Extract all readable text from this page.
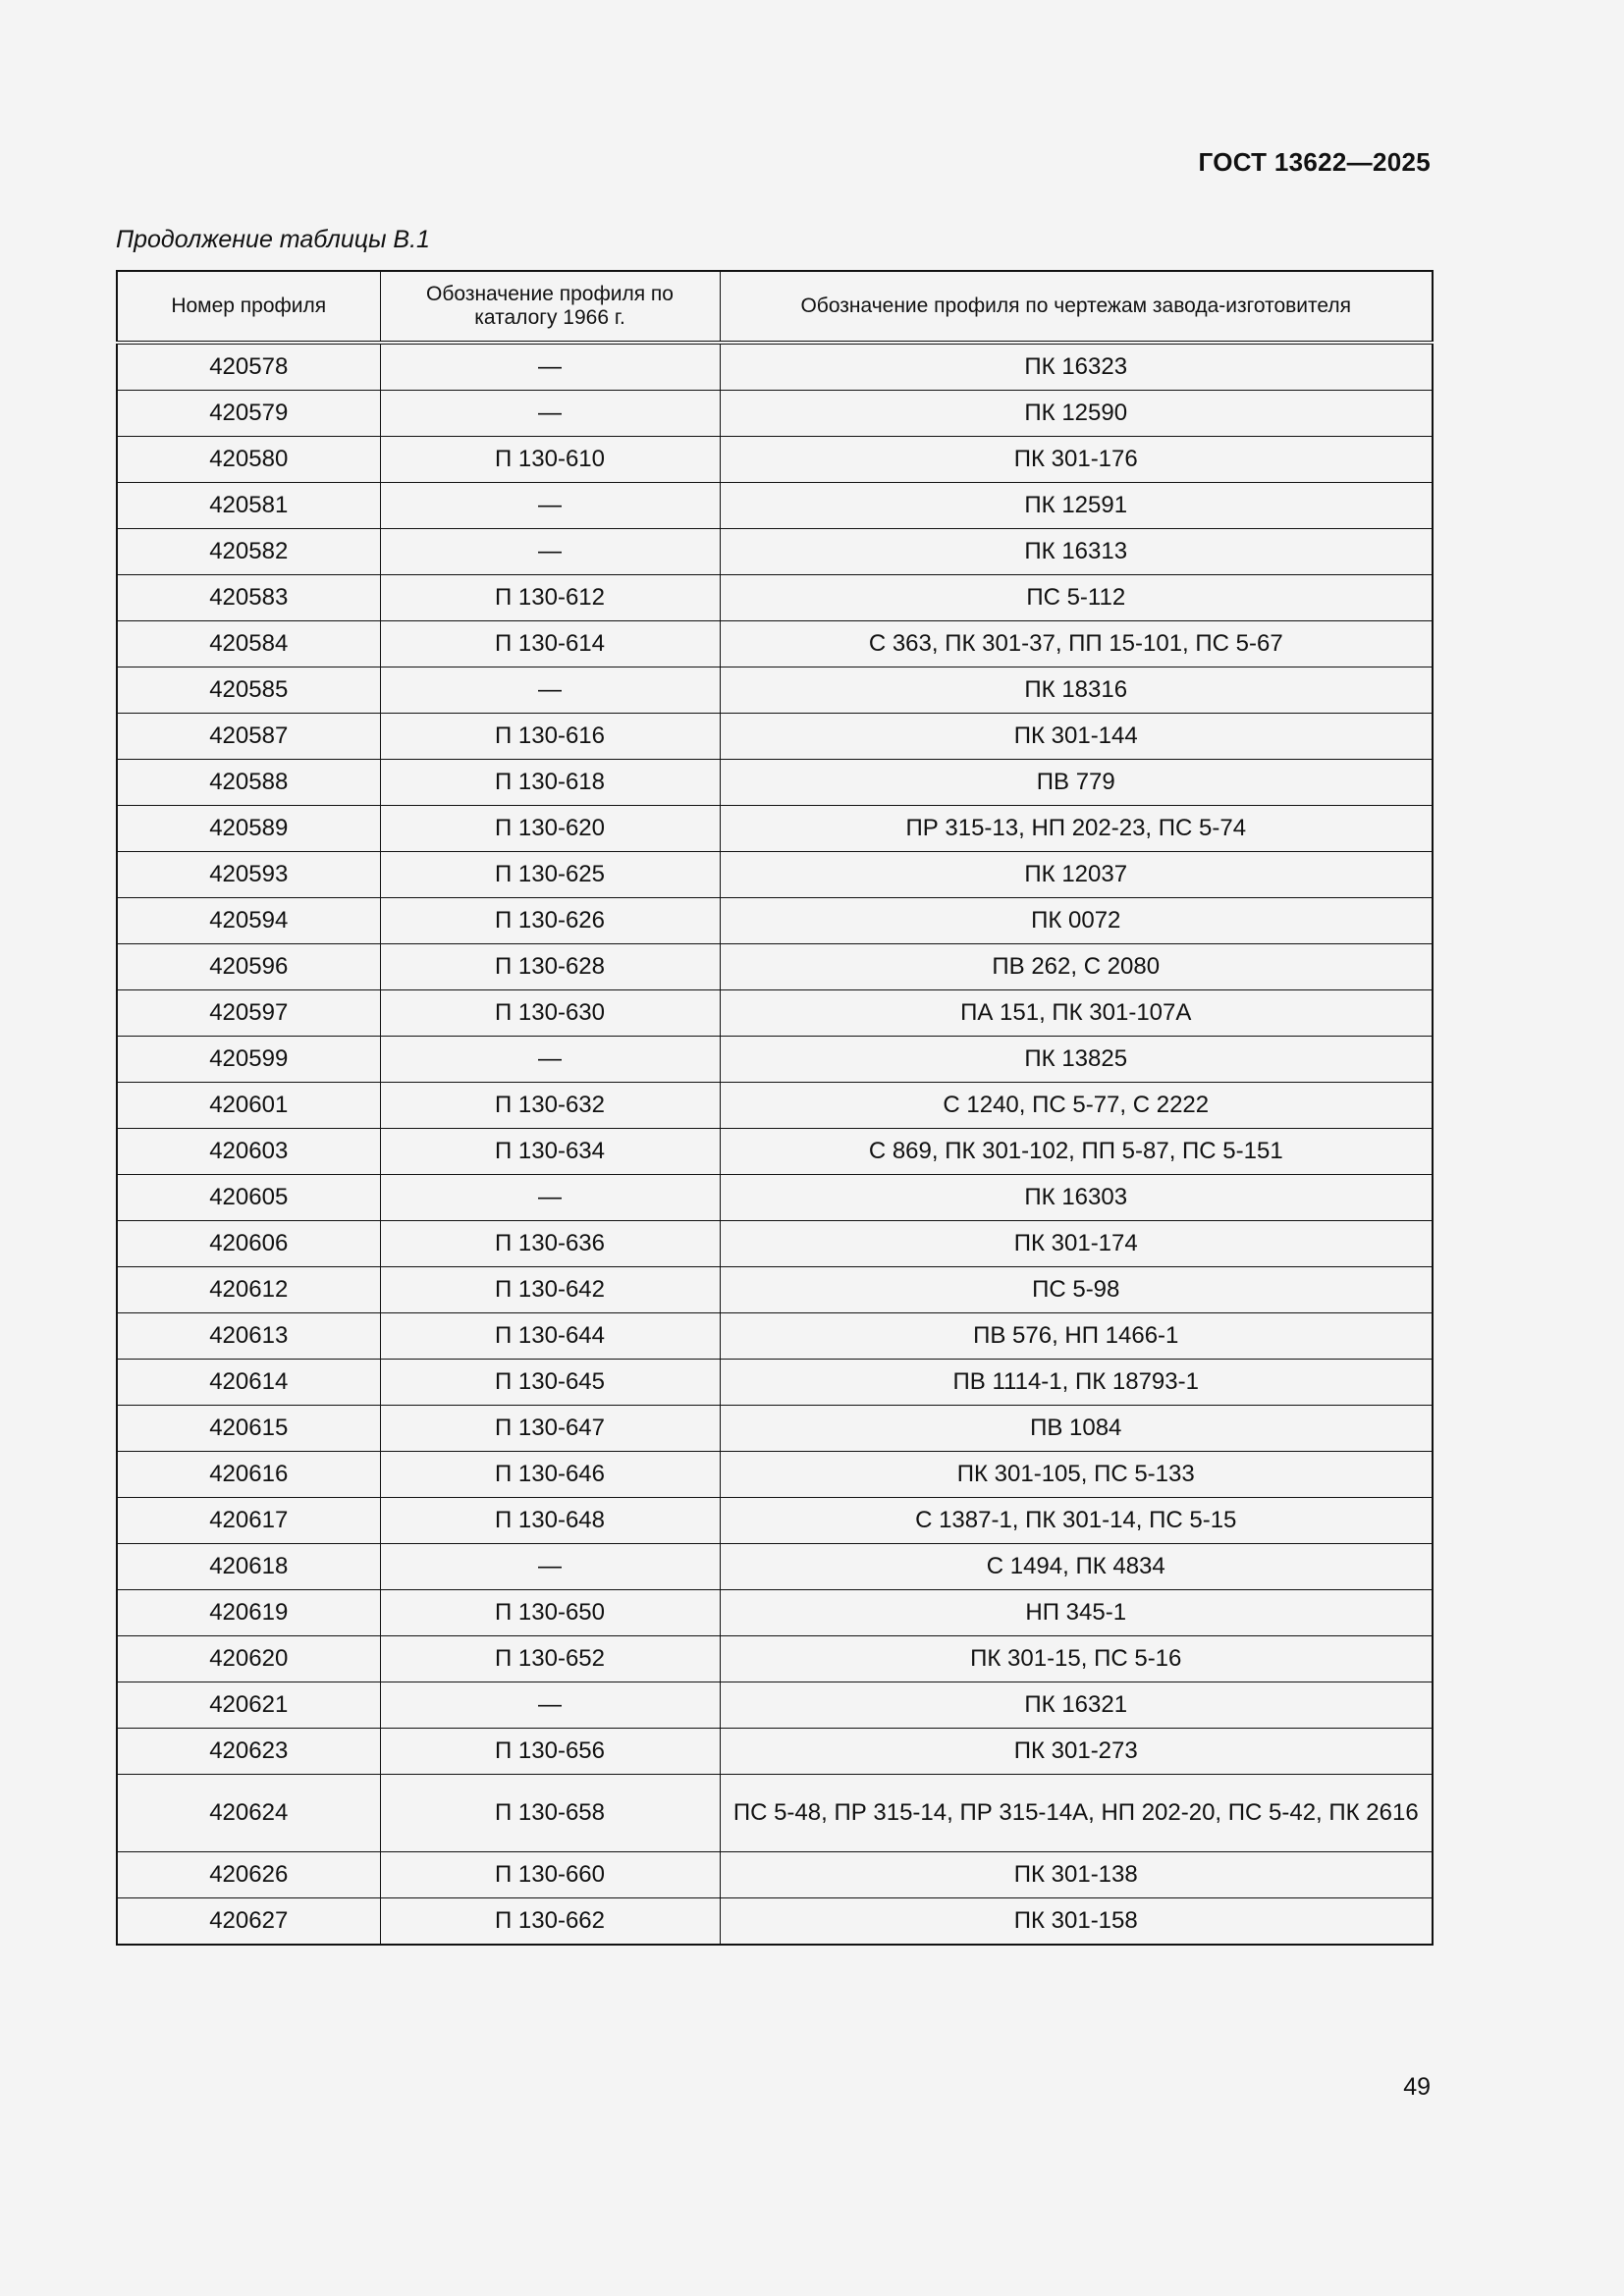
ГОСТ 13622—2025
Продолжение таблицы В.1
Номер профиля	Обозначение профиля по каталогу 1966 г.	Обозначение профиля по чертежам завода-изготовителя
420578	—	ПК 16323
420579	—	ПК 12590
420580	П 130-610	ПК 301-176
420581	—	ПК 12591
420582	—	ПК 16313
420583	П 130-612	ПС 5-112
420584	П 130-614	С 363, ПК 301-37, ПП 15-101, ПС 5-67
420585	—	ПК 18316
420587	П 130-616	ПК 301-144
420588	П 130-618	ПВ 779
420589	П 130-620	ПР 315-13, НП 202-23, ПС 5-74
420593	П 130-625	ПК 12037
420594	П 130-626	ПК 0072
420596	П 130-628	ПВ 262, С 2080
420597	П 130-630	ПА 151, ПК 301-107А
420599	—	ПК 13825
420601	П 130-632	С 1240, ПС 5-77, С 2222
420603	П 130-634	С 869, ПК 301-102, ПП 5-87, ПС 5-151
420605	—	ПК 16303
420606	П 130-636	ПК 301-174
420612	П 130-642	ПС 5-98
420613	П 130-644	ПВ 576, НП 1466-1
420614	П 130-645	ПВ 1114-1, ПК 18793-1
420615	П 130-647	ПВ 1084
420616	П 130-646	ПК 301-105, ПС 5-133
420617	П 130-648	С 1387-1, ПК 301-14, ПС 5-15
420618	—	С 1494, ПК 4834
420619	П 130-650	НП 345-1
420620	П 130-652	ПК 301-15, ПС 5-16
420621	—	ПК 16321
420623	П 130-656	ПК 301-273
420624	П 130-658	ПС 5-48, ПР 315-14, ПР 315-14А, НП 202-20, ПС 5-42, ПК 2616
420626	П 130-660	ПК 301-138
420627	П 130-662	ПК 301-158
49
